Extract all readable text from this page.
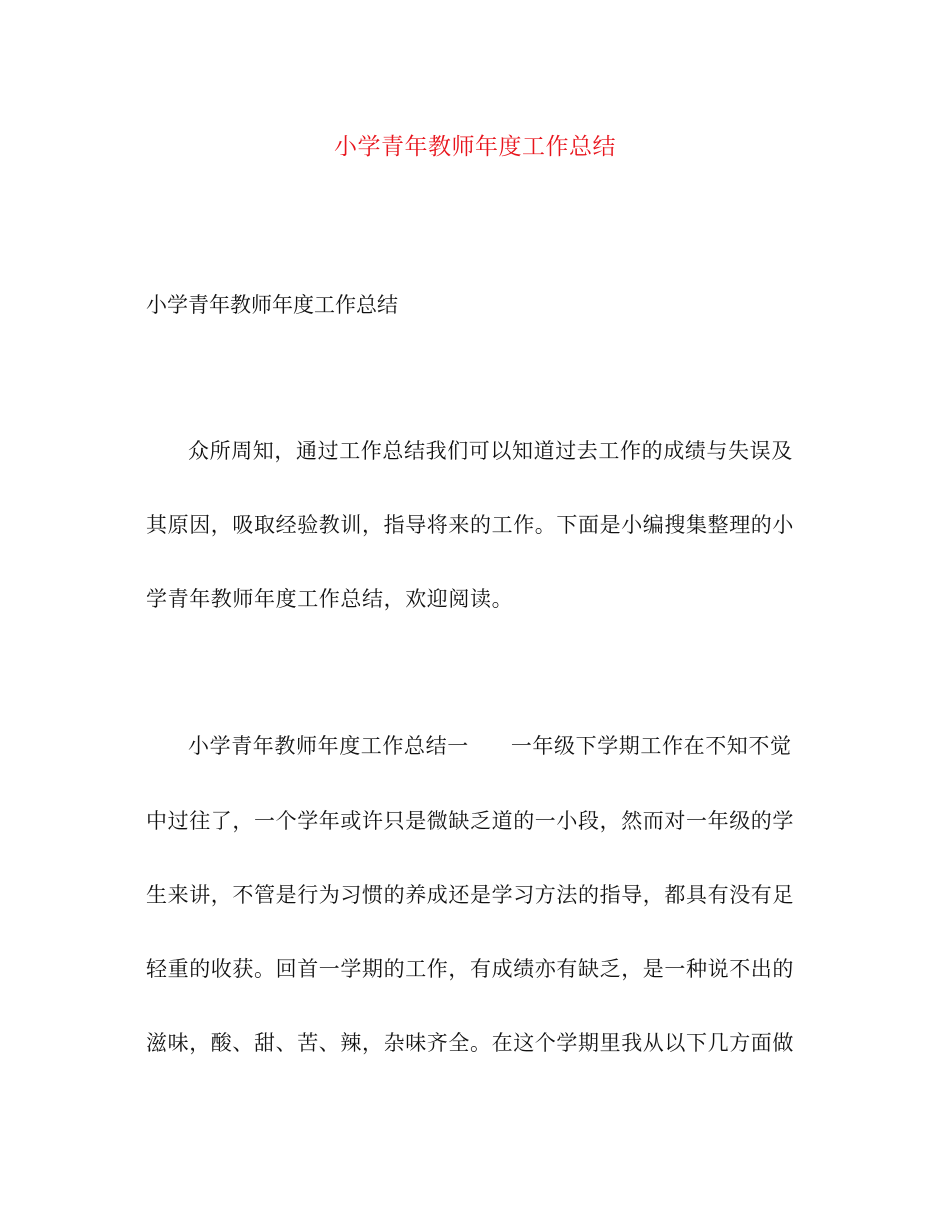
小学青年教师年度工作总结

小学青年教师年度工作总结

众所周知，通过工作总结我们可以知道过去工作的成绩与失误及

其原因，吸取经验教训，指导将来的工作。下面是小编搜集整理的小

学青年教师年度工作总结，欢迎阅读。

小学青年教师年度工作总结一 一年级下学期工作在不知不觉

中过往了，一个学年或许只是微缺乏道的一小段，然而对一年级的学

生来讲，不管是行为习惯的养成还是学习方法的指导，都具有没有足

轻重的收获。回首一学期的工作，有成绩亦有缺乏，是一种说不出的

滋味，酸、甜、苦、辣，杂味齐全。在这个学期里我从以下几方面做
